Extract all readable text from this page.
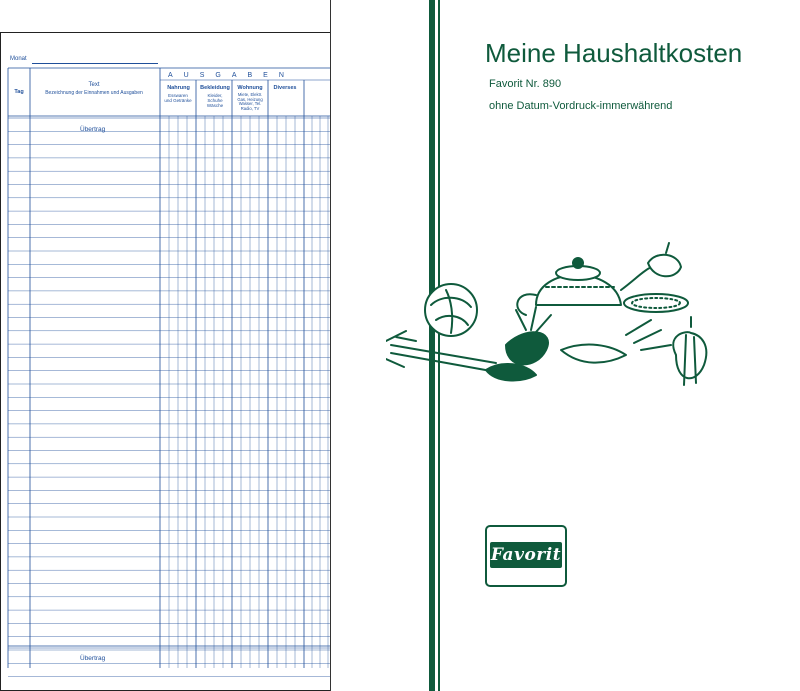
Monat
AUSGABEN
Tag
Text
Bezeichnung der Einnahmen und Ausgaben
Nahrung
Esswaren und Getränke
Bekleidung
Kleider, Schuhe Wäsche
Wohnung
Miete, Elektr. Gas, Heizung Wasser, Tel. Radio, TV
Diverses
Übertrag
Übertrag
Meine Haushaltkosten
Favorit Nr. 890
ohne Datum-Vordruck-immerwährend
Favorit
